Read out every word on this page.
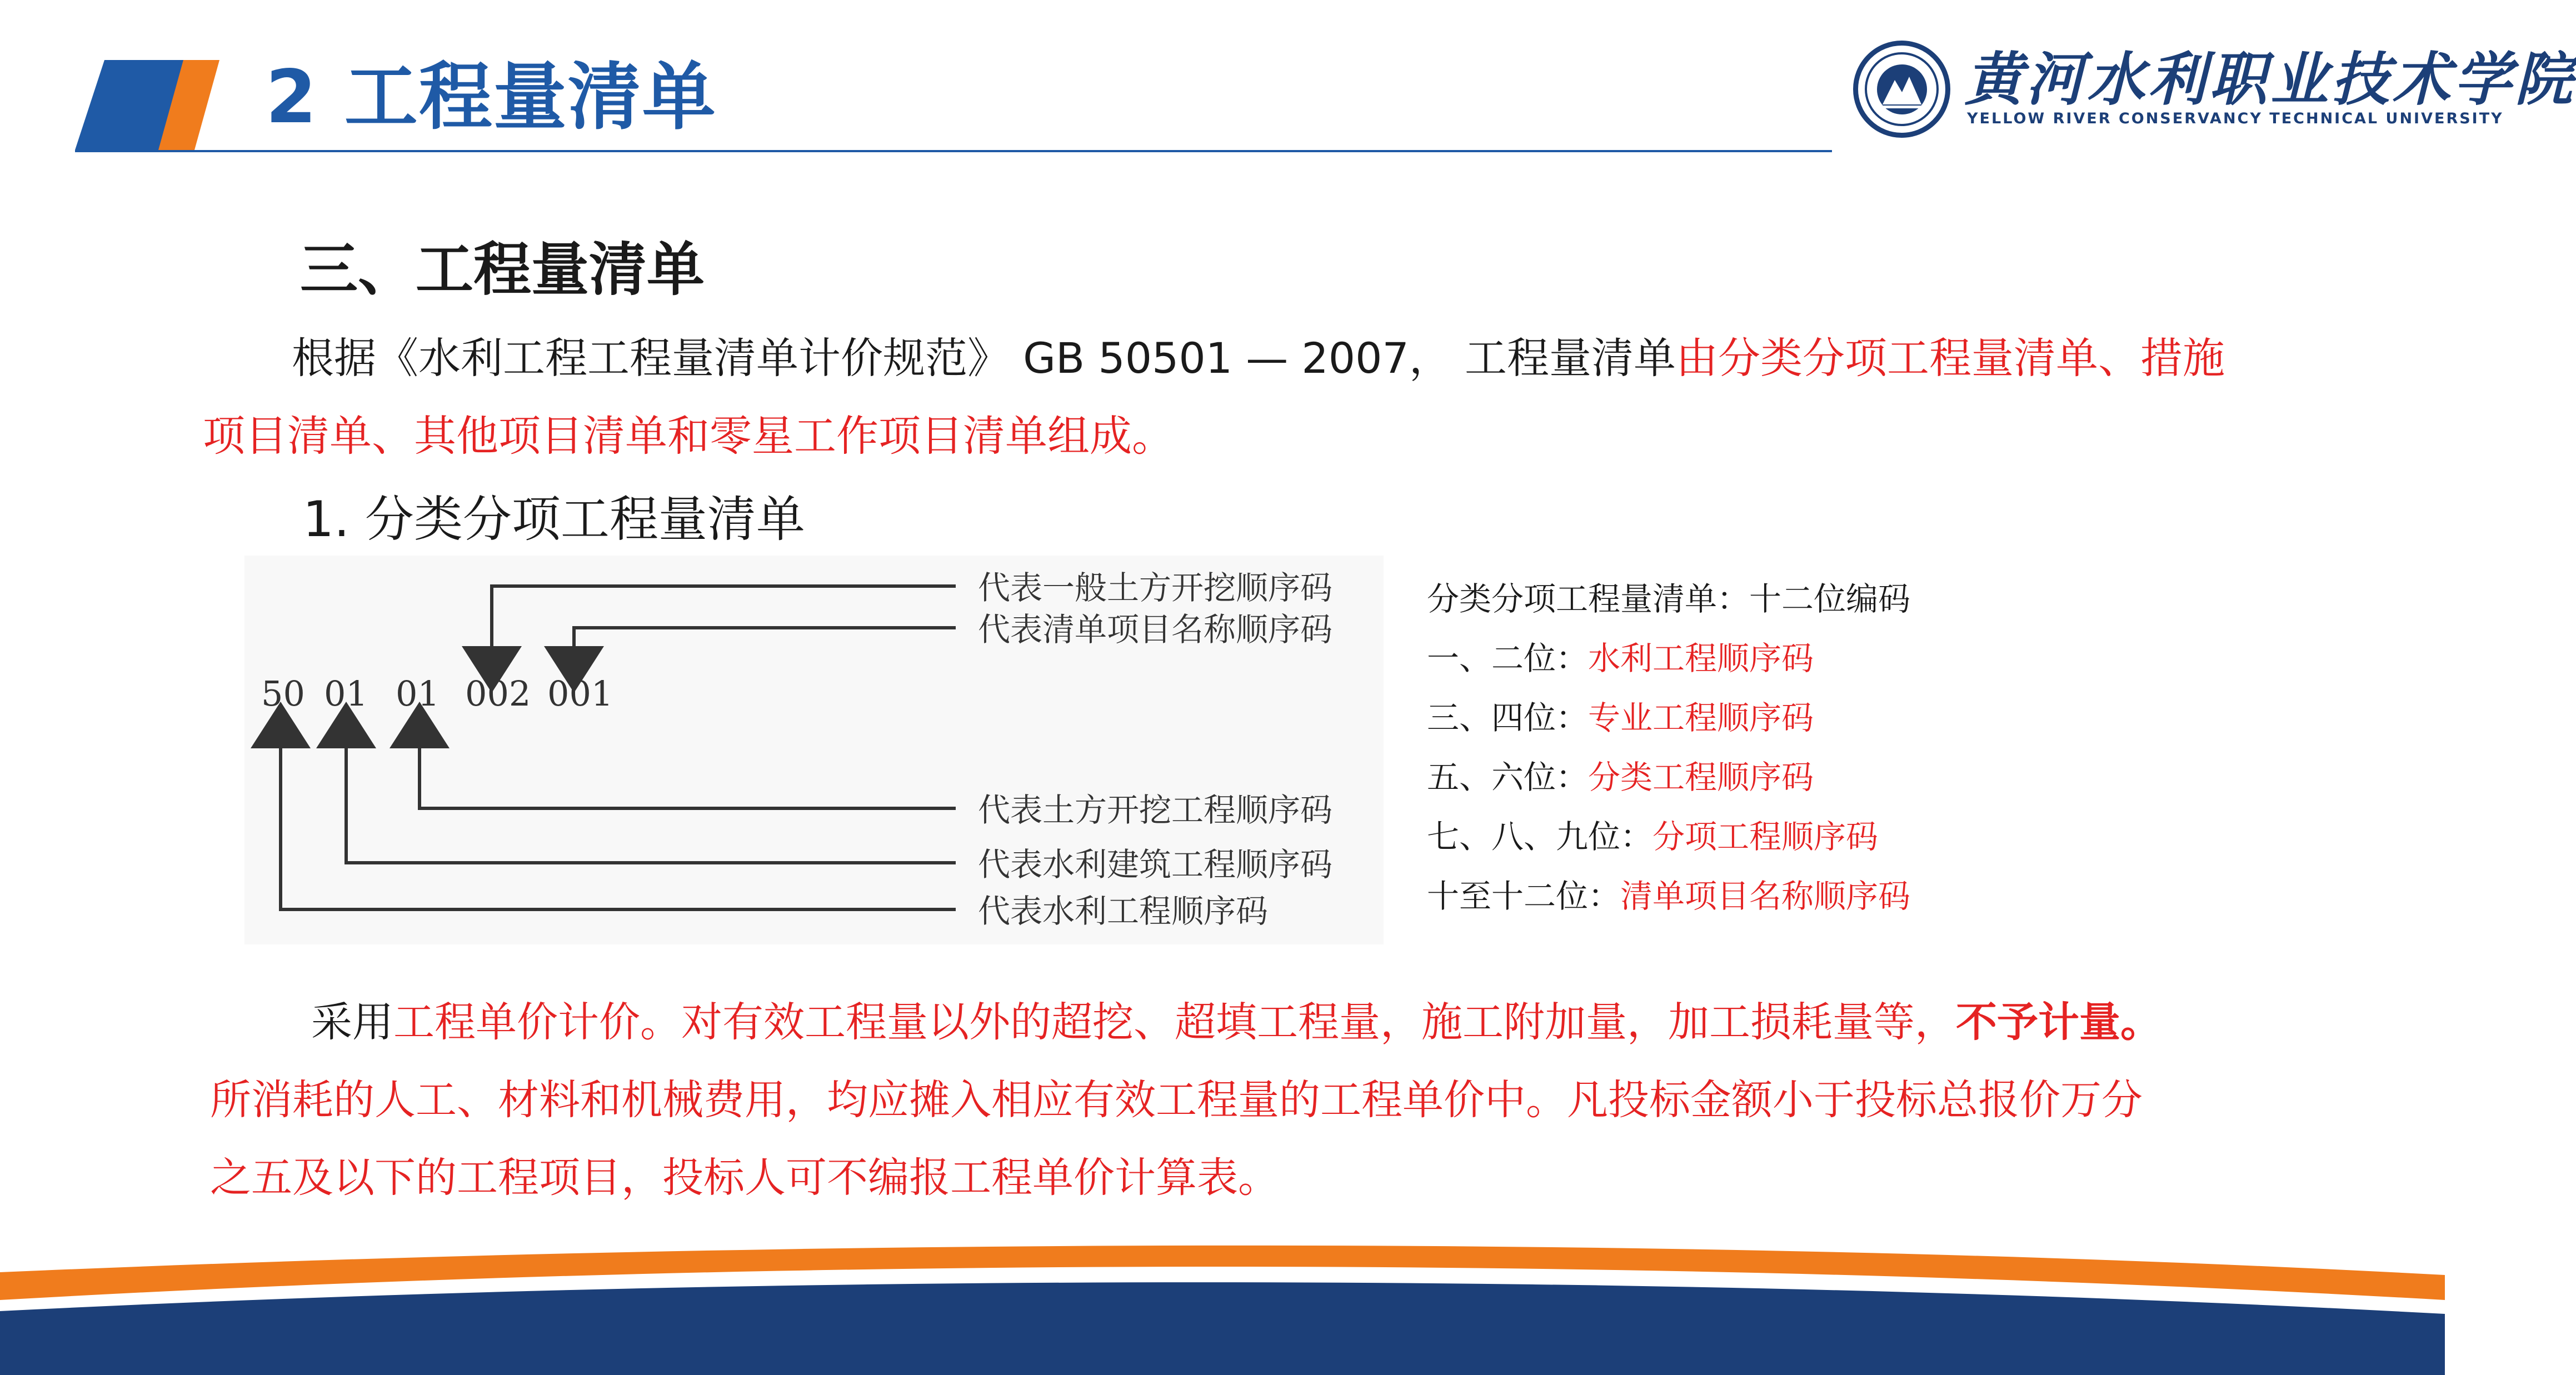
2 工程量清单	黄河水利职业技术学院
YELLOW RIVER CONSERVANCY TECHNICAL UNIVERSITY
三、工程量清单
根据《水利工程工程量清单计价规范》 GB 50501 — 2007， 工程量清单由分类分项工程量清单、措施
项目清单、其他项目清单和零星工作项目清单组成。
1. 分类分项工程量清单
50 01 01 002 001
代表一般土方开挖顺序码
代表清单项目名称顺序码
代表土方开挖工程顺序码
代表水利建筑工程顺序码
代表水利工程顺序码
分类分项工程量清单：十二位编码
一、二位：水利工程顺序码
三、四位：专业工程顺序码
五、六位：分类工程顺序码
七、八、九位：分项工程顺序码
十至十二位：清单项目名称顺序码
采用工程单价计价。对有效工程量以外的超挖、超填工程量，施工附加量，加工损耗量等，不予计量。
所消耗的人工、材料和机械费用，均应摊入相应有效工程量的工程单价中。凡投标金额小于投标总报价万分
之五及以下的工程项目，投标人可不编报工程单价计算表。
